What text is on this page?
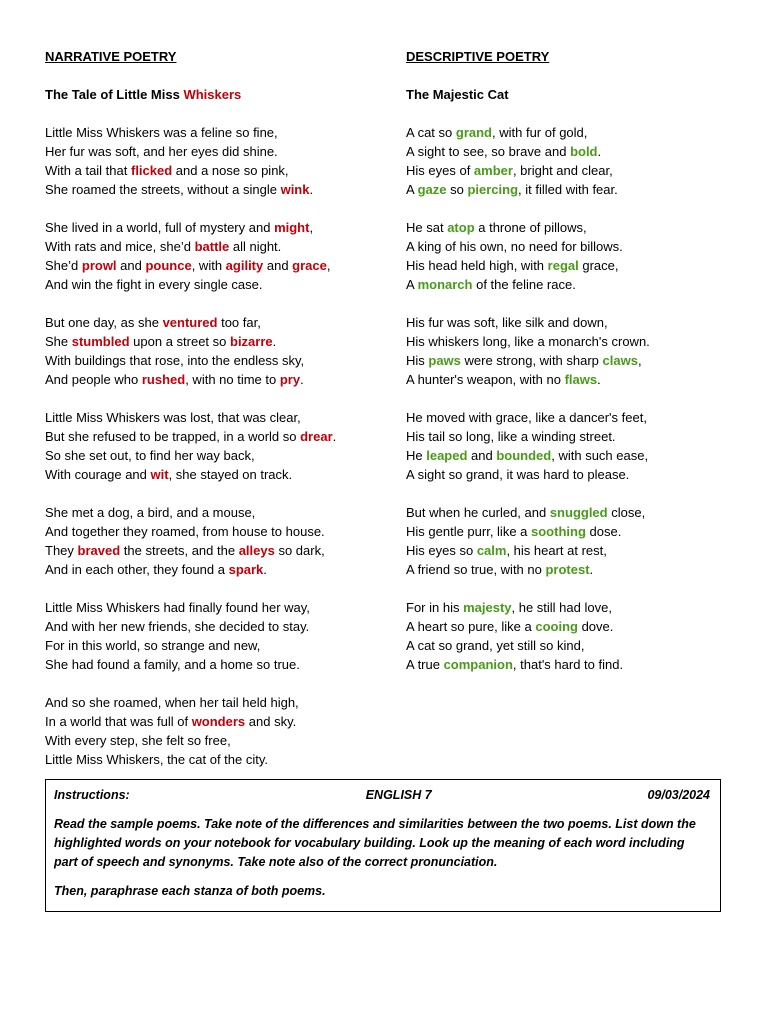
NARRATIVE POETRY
The Tale of Little Miss Whiskers
Little Miss Whiskers was a feline so fine,
Her fur was soft, and her eyes did shine.
With a tail that flicked and a nose so pink,
She roamed the streets, without a single wink.
She lived in a world, full of mystery and might,
With rats and mice, she’d battle all night.
She’d prowl and pounce, with agility and grace,
And win the fight in every single case.
But one day, as she ventured too far,
She stumbled upon a street so bizarre.
With buildings that rose, into the endless sky,
And people who rushed, with no time to pry.
Little Miss Whiskers was lost, that was clear,
But she refused to be trapped, in a world so drear.
So she set out, to find her way back,
With courage and wit, she stayed on track.
She met a dog, a bird, and a mouse,
And together they roamed, from house to house.
They braved the streets, and the alleys so dark,
And in each other, they found a spark.
Little Miss Whiskers had finally found her way,
And with her new friends, she decided to stay.
For in this world, so strange and new,
She had found a family, and a home so true.
And so she roamed, when her tail held high,
In a world that was full of wonders and sky.
With every step, she felt so free,
Little Miss Whiskers, the cat of the city.
DESCRIPTIVE POETRY
The Majestic Cat
A cat so grand, with fur of gold,
A sight to see, so brave and bold.
His eyes of amber, bright and clear,
A gaze so piercing, it filled with fear.
He sat atop a throne of pillows,
A king of his own, no need for billows.
His head held high, with regal grace,
A monarch of the feline race.
His fur was soft, like silk and down,
His whiskers long, like a monarch's crown.
His paws were strong, with sharp claws,
A hunter's weapon, with no flaws.
He moved with grace, like a dancer's feet,
His tail so long, like a winding street.
He leaped and bounded, with such ease,
A sight so grand, it was hard to please.
But when he curled, and snuggled close,
His gentle purr, like a soothing dose.
His eyes so calm, his heart at rest,
A friend so true, with no protest.
For in his majesty, he still had love,
A heart so pure, like a cooing dove.
A cat so grand, yet still so kind,
A true companion, that's hard to find.
Instructions:	ENGLISH 7	09/03/2024

Read the sample poems. Take note of the differences and similarities between the two poems. List down the highlighted words on your notebook for vocabulary building. Look up the meaning of each word including part of speech and synonyms. Take note also of the correct pronunciation.

Then, paraphrase each stanza of both poems.
